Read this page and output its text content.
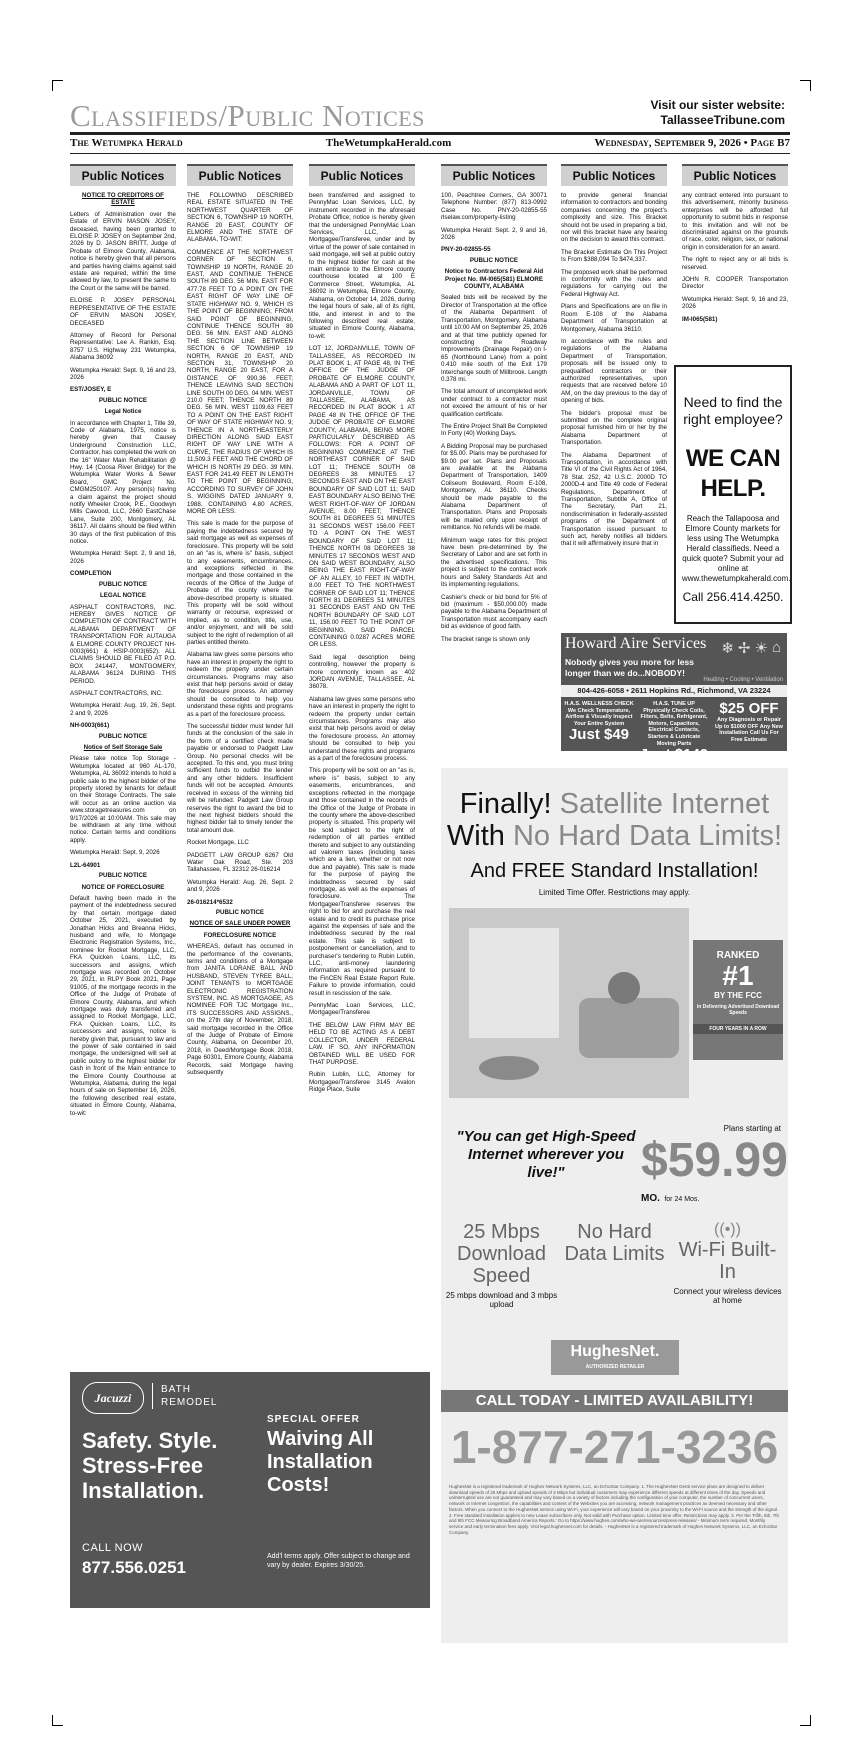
Classifieds/Public Notices	Visit our sister website:
TallasseeTribune.com
The Wetumpka Herald	TheWetumpkaHerald.com	Wednesday, September 9, 2026 • Page B7
Public Notices
NOTICE TO CREDITORS OF ESTATE
Letters of Administration over the Estate of ERVIN MASON JOSEY, deceased, having been granted to ELOISE P. JOSEY on September 2nd, 2026 by D. JASON BRITT, Judge of Probate of Elmore County, Alabama, notice is hereby given that all persons and parties having claims against said estate are required, within the time allowed by law, to present the same to the Court or the same will be barred.
ELOISE P. JOSEY PERSONAL REPRESENTATIVE OF THE ESTATE OF ERVIN MASON JOSEY, DECEASED
Attorney of Record for Personal Representative: Lee A. Rankin, Esq. 8757 U.S. Highway 231 Wetumpka, Alabama 36092
Wetumpka Herald: Sept. 9, 16 and 23, 2026
EST/JOSEY, E
PUBLIC NOTICE
Legal Notice
In accordance with Chapter 1, Title 39, Code of Alabama, 1975, notice is hereby given that Causey Underground Construction LLC, Contractor, has completed the work on the 16" Water Main Rehabilitation @ Hwy. 14 (Coosa River Bridge) for the Wetumpka Water Works & Sewer Board, GMC Project No. CMGM250107. Any person(s) having a claim against the project should notify Wheeler Crook, P.E., Goodwyn Mills Cawood, LLC, 2660 EastChase Lane, Suite 200, Montgomery, AL 36117. All claims should be filed within 30 days of the first publication of this notice.
Wetumpka Herald: Sept. 2, 9 and 16, 2026
COMPLETION
PUBLIC NOTICE
LEGAL NOTICE
ASPHALT CONTRACTORS, INC. HEREBY GIVES NOTICE OF COMPLETION OF CONTRACT WITH ALABAMA DEPARTMENT OF TRANSPORTATION FOR AUTAUGA & ELMORE COUNTY PROJECT NH-0003(661) & HSIP-0003(652). ALL CLAIMS SHOULD BE FILED AT P.O. BOX 241447, MONTGOMERY, ALABAMA 36124 DURING THIS PERIOD.
ASPHALT CONTRACTORS, INC.
Wetumpka Herald: Aug. 19, 26, Sept. 2 and 9, 2026
NH-0003(661)
PUBLIC NOTICE
Notice of Self Storage Sale
Please take notice Top Storage - Wetumpka located at 960 AL-170, Wetumpka, AL 36092 intends to hold a public sale to the highest bidder of the property stored by tenants for default on their Storage Contracts. The sale will occur as an online auction via www.storagetreasures.com on 9/17/2026 at 10:00AM. This sale may be withdrawn at any time without notice. Certain terms and conditions apply.
Wetumpka Herald: Sept. 9, 2026
L2L-64901
PUBLIC NOTICE
NOTICE OF FORECLOSURE
Default having been made in the payment of the indebtedness secured by that certain mortgage dated October 25, 2021, executed by Jonathan Hicks and Breanna Hicks, husband and wife, to Mortgage Electronic Registration Systems, Inc., nominee for Rocket Mortgage, LLC, FKA Quicken Loans, LLC, its successors and assigns, which mortgage was recorded on October 29, 2021, in RLPY Book 2021, Page 91005, of the mortgage records in the Office of the Judge of Probate of Elmore County, Alabama, and which mortgage was duly transferred and assigned to Rocket Mortgage, LLC, FKA Quicken Loans, LLC, its successors and assigns, notice is hereby given that, pursuant to law and the power of sale contained in said mortgage, the undersigned will sell at public outcry to the highest bidder for cash in front of the Main entrance to the Elmore County Courthouse at Wetumpka, Alabama, during the legal hours of sale on September 16, 2026, the following described real estate, situated in Elmore County, Alabama, to-wit:
Public Notices
THE FOLLOWING DESCRIBED REAL ESTATE SITUATED IN THE NORTHWEST QUARTER OF SECTION 6, TOWNSHIP 19 NORTH, RANGE 20 EAST, COUNTY OF ELMORE AND THE STATE OF ALABAMA, TO-WIT:
COMMENCE AT THE NORTHWEST CORNER OF SECTION 6, TOWNSHIP 19 NORTH, RANGE 20 EAST, AND CONTINUE THENCE SOUTH 89 DEG. 56 MIN. EAST FOR 477.78 FEET TO A POINT ON THE EAST RIGHT OF WAY LINE OF STATE HIGHWAY NO. 9, WHICH IS THE POINT OF BEGINNING; FROM SAID POINT OF BEGINNING, CONTINUE THENCE SOUTH 89 DEG. 56 MIN. EAST AND ALONG THE SECTION LINE BETWEEN SECTION 6 OF TOWNSHIP 19 NORTH, RANGE 20 EAST, AND SECTION 31, TOWNSHIP 20 NORTH, RANGE 20 EAST, FOR A DISTANCE OF 990.36 FEET; THENCE LEAVING SAID SECTION LINE SOUTH 00 DEG. 04 MIN. WEST 210.0 FEET; THENCE NORTH 89 DEG. 56 MIN. WEST 1109.63 FEET TO A POINT ON THE EAST RIGHT OF WAY OF STATE HIGHWAY NO. 9; THENCE IN A NORTHEASTERLY DIRECTION ALONG SAID EAST RIGHT OF WAY LINE WITH A CURVE, THE RADIUS OF WHICH IS 11,509.3 FEET AND THE CHORD OF WHICH IS NORTH 29 DEG. 39 MIN. EAST FOR 241.49 FEET IN LENGTH TO THE POINT OF BEGINNING, ACCORDING TO SURVEY OF JOHN S. WIGGINS DATED JANUARY 9, 1988. CONTAINING 4.80 ACRES, MORE OR LESS.
This sale is made for the purpose of paying the indebtedness secured by said mortgage as well as expenses of foreclosure. This property will be sold on an "as is, where is" basis, subject to any easements, encumbrances, and exceptions reflected in the mortgage and those contained in the records of the Office of the Judge of Probate of the county where the above-described property is situated. This property will be sold without warranty or recourse, expressed or implied, as to condition, title, use, and/or enjoyment, and will be sold subject to the right of redemption of all parties entitled thereto.
Alabama law gives some persons who have an interest in property the right to redeem the property under certain circumstances. Programs may also exist that help persons avoid or delay the foreclosure process. An attorney should be consulted to help you understand these rights and programs as a part of the foreclosure process.
The successful bidder must tender full funds at the conclusion of the sale in the form of a certified check made payable or endorsed to Padgett Law Group. No personal checks will be accepted. To this end, you must bring sufficient funds to outbid the lender and any other bidders. Insufficient funds will not be accepted. Amounts received in excess of the winning bid will be refunded. Padgett Law Group reserves the right to award the bid to the next highest bidders should the highest bidder fail to timely tender the total amount due.
Rocket Mortgage, LLC
PADGETT LAW GROUP 6267 Old Water Oak Road, Ste. 203 Tallahassee, FL 32312 26-016214
Wetumpka Herald: Aug. 26, Sept. 2 and 9, 2026
26-016214*6532
PUBLIC NOTICE
NOTICE OF SALE UNDER POWER
FORECLOSURE NOTICE
WHEREAS, default has occurred in the performance of the covenants, terms and conditions of a Mortgage from JANITA LORANE BALL AND HUSBAND, STEVEN TYREE BALL, JOINT TENANTS to MORTGAGE ELECTRONIC REGISTRATION SYSTEM, INC. AS MORTGAGEE, AS NOMINEE FOR TJC Mortgage Inc., ITS SUCCESSORS AND ASSIGNS., on the 27th day of November, 2018, said mortgage recorded in the Office of the Judge of Probate of Elmore County, Alabama, on December 20, 2018, in Deed/Mortgage Book 2018, Page 60301, Elmore County, Alabama Records, said Mortgage having subsequently
Public Notices
been transferred and assigned to PennyMac Loan Services, LLC, by instrument recorded in the aforesaid Probate Office; notice is hereby given that the undersigned PennyMac Loan Services, LLC, as Mortgagee/Transferee, under and by virtue of the power of sale contained in said mortgage, will sell at public outcry to the highest bidder for cash at the main entrance to the Elmore county courthouse located at 100 E Commerce Street, Wetumpka, AL 36092 in Wetumpka, Elmore County, Alabama, on October 14, 2026, during the legal hours of sale, all of its right, title, and interest in and to the following described real estate, situated in Elmore County, Alabama, to-wit:
LOT 12, JORDANVILLE, TOWN OF TALLASSEE, AS RECORDED IN PLAT BOOK 1, AT PAGE 48, IN THE OFFICE OF THE JUDGE OF PROBATE OF ELMORE COUNTY, ALABAMA AND A PART OF LOT 11, JORDANVILLE, TOWN OF TALLASSEE, ALABAMA, AS RECORDED IN PLAT BOOK 1 AT PAGE 48 IN THE OFFICE OF THE JUDGE OF PROBATE OF ELMORE COUNTY, ALABAMA, BEING MORE PARTICULARLY DESCRIBED AS FOLLOWS: FOR A POINT OF BEGINNING COMMENCE AT THE NORTHEAST CORNER OF SAID LOT 11; THENCE SOUTH 08 DEGREES 38 MINUTES 17 SECONDS EAST AND ON THE EAST BOUNDARY OF SAID LOT 11; SAID EAST BOUNDARY ALSO BEING THE WEST RIGHT-OF-WAY OF JORDAN AVENUE, 8.00 FEET; THENCE SOUTH 81 DEGREES 51 MINUTES 31 SECONDS WEST 156.00 FEET TO A POINT ON THE WEST BOUNDARY OF SAID LOT 11; THENCE NORTH 08 DEGREES 38 MINUTES 17 SECONDS WEST AND ON SAID WEST BOUNDARY, ALSO BEING THE EAST RIGHT-OF-WAY OF AN ALLEY, 10 FEET IN WIDTH, 8.00 FEET TO THE NORTHWEST CORNER OF SAID LOT 11; THENCE NORTH 81 DEGREES 51 MINUTES 31 SECONDS EAST AND ON THE NORTH BOUNDARY OF SAID LOT 11, 156.00 FEET TO THE POINT OF BEGINNING. SAID PARCEL CONTAINING 0.0287 ACRES MORE OR LESS.
Said legal description being controlling, however the property is more commonly known as 402 JORDAN AVENUE, TALLASSEE, AL 36078.
Alabama law gives some persons who have an interest in property the right to redeem the property under certain circumstances. Programs may also exist that help persons avoid or delay the foreclosure process. An attorney should be consulted to help you understand these rights and programs as a part of the foreclosure process.
This property will be sold on an "as is, where is" basis, subject to any easements, encumbrances, and exceptions reflected in the mortgage and those contained in the records of the Office of the Judge of Probate in the county where the above-described property is situated. This property will be sold subject to the right of redemption of all parties entitled thereto and subject to any outstanding ad valorem taxes (including taxes which are a lien, whether or not now due and payable). This sale is made for the purpose of paying the indebtedness secured by said mortgage, as well as the expenses of foreclosure. The Mortgagee/Transferee reserves the right to bid for and purchase the real estate and to credit its purchase price against the expenses of sale and the indebtedness secured by the real estate. This sale is subject to postponement or cancellation, and to purchaser's tendering to Rubin Lublin, LLC, anti-money laundering information as required pursuant to the FinCEN Real Estate Report Rule. Failure to provide information, could result in rescission of the sale.
PennyMac Loan Services, LLC, Mortgagee/Transferee
THE BELOW LAW FIRM MAY BE HELD TO BE ACTING AS A DEBT COLLECTOR, UNDER FEDERAL LAW. IF SO, ANY INFORMATION OBTAINED WILL BE USED FOR THAT PURPOSE.
Rubin Lublin, LLC, Attorney for Mortgagee/Transferee 3145 Avalon Ridge Place, Suite
Public Notices
100, Peachtree Corners, GA 30071 Telephone Number: (877) 813-0992 Case No. PNY-20-02855-55 rlselaw.com/property-listing
Wetumpka Herald: Sept. 2, 9 and 16, 2026
PNY-20-02855-55
PUBLIC NOTICE
Notice to Contractors Federal Aid Project No. IM-I065(581) ELMORE COUNTY, ALABAMA
Sealed bids will be received by the Director of Transportation at the office of the Alabama Department of Transportation, Montgomery, Alabama until 10:00 AM on September 25, 2026 and at that time publicly opened for constructing the Roadway Improvements (Drainage Repair) on I-65 (Northbound Lane) from a point 0.410 mile south of the Exit 179 Interchange south of Millbrook. Length 0.378 mi.
The total amount of uncompleted work under contract to a contractor must not exceed the amount of his or her qualification certificate.
The Entire Project Shall Be Completed In Forty (40) Working Days.
A Bidding Proposal may be purchased for $5.00. Plans may be purchased for $9.00 per set. Plans and Proposals are available at the Alabama Department of Transportation, 1409 Coliseum Boulevard, Room E-108, Montgomery, AL 36110. Checks should be made payable to the Alabama Department of Transportation. Plans and Proposals will be mailed only upon receipt of remittance. No refunds will be made.
Minimum wage rates for this project have been pre-determined by the Secretary of Labor and are set forth in the advertised specifications. This project is subject to the contract work hours and Safety Standards Act and its implementing regulations.
Cashier's check or bid bond for 5% of bid (maximum - $50,000.00) made payable to the Alabama Department of Transportation must accompany each bid as evidence of good faith.
The bracket range is shown only
Public Notices
to provide general financial information to contractors and bonding companies concerning the project's complexity and size. This Bracket should not be used in preparing a bid, nor will this bracket have any bearing on the decision to award this contract.
The Bracket Estimate On This Project Is From $388,094 To $474,337.
The proposed work shall be performed in conformity with the rules and regulations for carrying out the Federal Highway Act.
Plans and Specifications are on file in Room E-108 of the Alabama Department of Transportation at Montgomery, Alabama 36110.
In accordance with the rules and regulations of the Alabama Department of Transportation, proposals will be issued only to prequalified contractors or their authorized representatives, upon requests that are received before 10 AM, on the day previous to the day of opening of bids.
The bidder's proposal must be submitted on the complete original proposal furnished him or her by the Alabama Department of Transportation.
The Alabama Department of Transportation, in accordance with Title VI of the Civil Rights Act of 1964, 78 Stat. 252, 42 U.S.C. 2000D TO 2000D-4 and Title 49 code of Federal Regulations, Department of Transportation, Subtitle A, Office of The Secretary, Part 21, nondiscrimination in federally-assisted programs of the Department of Transportation issued pursuant to such act, hereby notifies all bidders that it will affirmatively insure that in
Public Notices
any contract entered into pursuant to this advertisement, minority business enterprises will be afforded full opportunity to submit bids in response to this invitation and will not be discriminated against on the grounds of race, color, religion, sex, or national origin in consideration for an award.
The right to reject any or all bids is reserved.
JOHN R. COOPER Transportation Director
Wetumpka Herald: Sept. 9, 16 and 23, 2026
IM-I065(581)
Need to find the right employee?
WE CAN HELP.
Reach the Tallapoosa and Elmore County markets for less using The Wetumpka Herald classifieds. Need a quick quote? Submit your ad online at www.thewetumpkaherald.com.
Call 256.414.4250.
Howard Aire Services
Nobody gives you more for less longer than we do...NOBODY!
❄ ✢ ☀ ⌂
Heating • Cooling • Ventilation
804-426-6058 • 2611 Hopkins Rd., Richmond, VA 23224
H.A.S. WELLNESS CHECK
We Check Temperature, Airflow & Visually Inspect Your Entire System
Just $49
H.A.S. TUNE UP
Physically Check Coils, Filters, Belts, Refrigerant, Motors, Capacitors, Electrical Contacts, Starters & Lubricate Moving Parts
Just $149
$25 OFF
Any Diagnosis or Repair
Up to $1000 OFF Any New Installation Call Us For Free Estimate
Finally! Satellite Internet
With No Hard Data Limits!
And FREE Standard Installation!
Limited Time Offer. Restrictions may apply.
RANKED
#1
BY THE FCC
in Delivering Advertised Download Speeds
FOUR YEARS IN A ROW
"You can get High-Speed Internet wherever you live!"
Plans starting at
$59.99
MO. for 24 Mos.
25 Mbps Download Speed
25 mbps download and 3 mbps upload
No Hard Data Limits
((•))
Wi-Fi Built-In
Connect your wireless devices at home
HughesNet.
AUTHORIZED RETAILER
CALL TODAY - LIMITED AVAILABILITY!
1-877-271-3236
HughesNet is a registered trademark of Hughes Network Systems, LLC, an EchoStar Company. 1. The HughesNet Gen5 service plans are designed to deliver download speeds of 25 Mbps and upload speeds of 3 Mbps but individual customers may experience different speeds at different times of the day. Speeds and uninterrupted use are not guaranteed and may vary based on a variety of factors including the configuration of your computer, the number of concurrent users, network or Internet congestion, the capabilities and content of the Websites you are accessing, network management practices as deemed necessary and other factors. When you connect to the HughesNet service using Wi-Fi, your experience will vary based on your proximity to the Wi-Fi source and the strength of the signal. 2. Free standard installation applies to new Lease subscribers only. Not valid with Purchase option. Limited time offer. Restrictions may apply. 3. Per the 'Fifth, 6th, 7th and 8th FCC Measuring Broadband America Reports.' Go to https://www.hughes.com/who-we-are/resources/press-releases/ - Minimum term required. Monthly service and early termination fees apply. Visit legal.hughesnet.com for details. - HughesNet is a registered trademark of Hughes Network Systems, LLC, an EchoStar Company.
Jacuzzi
BATH
REMODEL
Safety. Style. Stress-Free Installation.
CALL NOW
877.556.0251
SPECIAL OFFER
Waiving All Installation Costs!
Add'l terms apply. Offer subject to change and vary by dealer. Expires 3/30/25.
